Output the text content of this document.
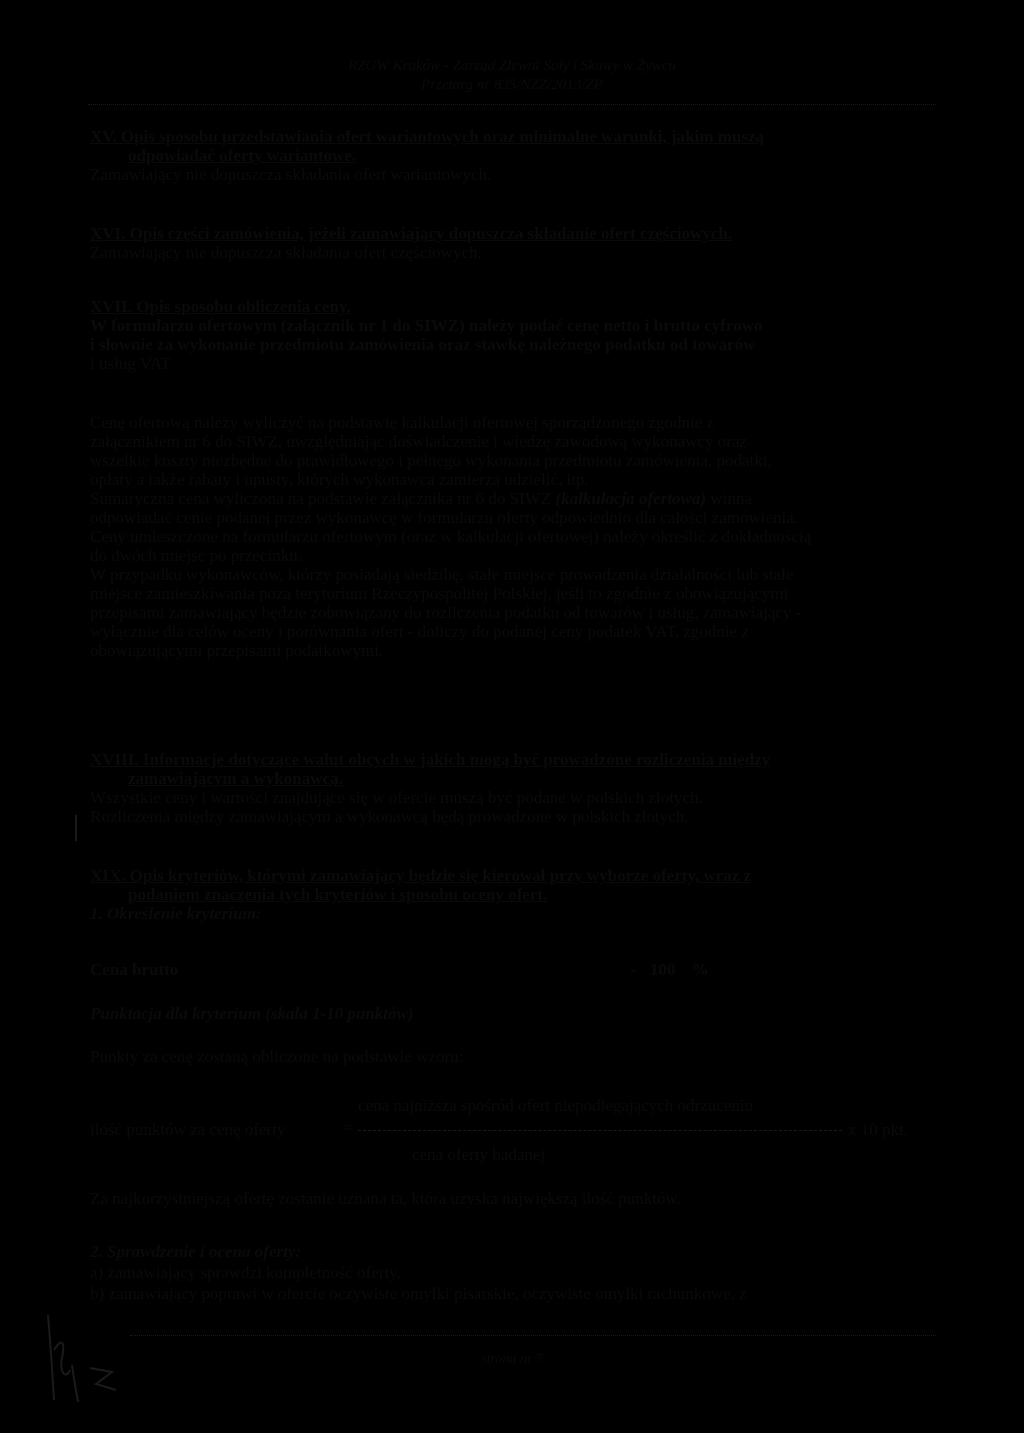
RZGW Kraków - Zarząd Zlewni Soły i Skawy w Żywcu
Przetarg nr 835/NZZ/2013/ZP
XV. Opis sposobu przedstawiania ofert wariantowych oraz minimalne warunki, jakim muszą
odpowiadać oferty wariantowe.
Zamawiający nie dopuszcza składania ofert wariantowych.
XVI. Opis części zamówienia, jeżeli zamawiający dopuszcza składanie ofert częściowych.
Zamawiający nie dopuszcza składania ofert częściowych.
XVII. Opis sposobu obliczenia ceny.
W formularzu ofertowym (załącznik nr 1 do SIWZ) należy podać cenę netto i brutto cyfrowo
i słownie za wykonanie przedmiotu zamówienia oraz stawkę należnego podatku od towarów
i usług VAT.
Cenę ofertową należy wyliczyć na podstawie kalkulacji ofertowej sporządzonego zgodnie z
załącznikiem nr 6 do SIWZ, uwzględniając doświadczenie i wiedzę zawodową wykonawcy oraz
wszelkie koszty niezbędne do prawidłowego i pełnego wykonania przedmiotu zamówienia, podatki,
opłaty a także rabaty i upusty, których wykonawca zamierza udzielić, itp.
Sumaryczna cena wyliczona na podstawie załącznika nr 6 do SIWZ (kalkulacja ofertowa) winna
odpowiadać cenie podanej przez wykonawcę w formularzu oferty odpowiednio dla całości zamówienia.
Ceny umieszczone na formularzu ofertowym (oraz w kalkulacji ofertowej) należy określić z dokładnością
do dwóch miejsc po przecinku.
W przypadku wykonawców, którzy posiadają siedzibę, stałe miejsce prowadzenia działalności lub stałe
miejsce zamieszkiwania poza terytorium Rzeczypospolitej Polskiej, jeśli to zgodnie z obowiązującymi
przepisami zamawiający będzie zobowiązany do rozliczenia podatku od towarów i usług, zamawiający -
wyłącznie dla celów oceny i porównania ofert - doliczy do podanej ceny podatek VAT, zgodnie z
obowiązującymi przepisami podatkowymi.
XVIII. Informacje dotyczące walut obcych w jakich mogą być prowadzone rozliczenia między
zamawiającym a wykonawcą.
Wszystkie ceny i wartości znajdujące się w ofercie muszą być podane w polskich złotych.
Rozliczenia między zamawiającym a wykonawcą będą prowadzone w polskich złotych.
XIX. Opis kryteriów, którymi zamawiający będzie się kierował przy wyborze oferty, wraz z
podaniem znaczenia tych kryteriów i sposobu oceny ofert.
1. Określenie kryterium:
Cena brutto	- 100 %
Punktacja dla kryterium (skala 1-10 punktów)
Punkty za cenę zostaną obliczone na podstawie wzoru:
cena najniższa spośród ofert niepodlegających odrzuceniu
ilość punktów za cenę oferty	=	x 10 pkt.
cena oferty badanej
Za najkorzystniejszą ofertę zostanie uznana ta, która uzyska największą ilość punktów.
2. Sprawdzenie i ocena oferty:
a) zamawiający sprawdzi kompletność oferty,
b) zamawiający poprawi w ofercie oczywiste omyłki pisarskie, oczywiste omyłki rachunkowe, z
strona nr 7
